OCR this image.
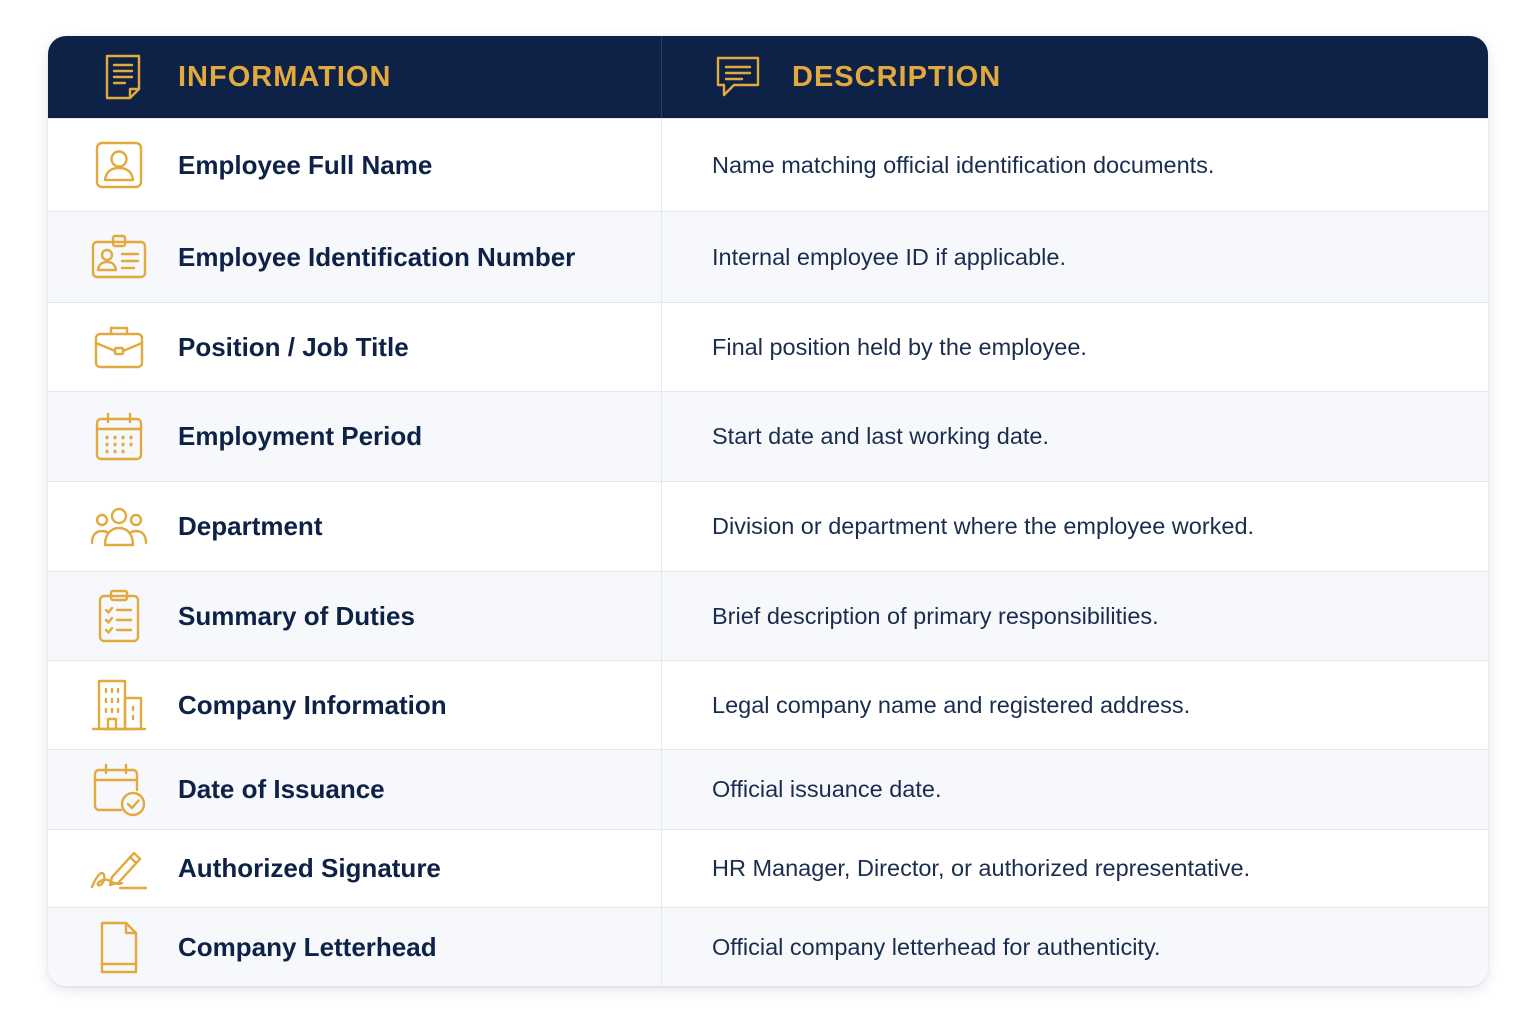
INFORMATION	DESCRIPTION
Employee Full Name	Name matching official identification documents.
Employee Identification Number	Internal employee ID if applicable.
Position / Job Title	Final position held by the employee.
Employment Period	Start date and last working date.
Department	Division or department where the employee worked.
Summary of Duties	Brief description of primary responsibilities.
Company Information	Legal company name and registered address.
Date of Issuance	Official issuance date.
Authorized Signature	HR Manager, Director, or authorized representative.
Company Letterhead	Official company letterhead for authenticity.
